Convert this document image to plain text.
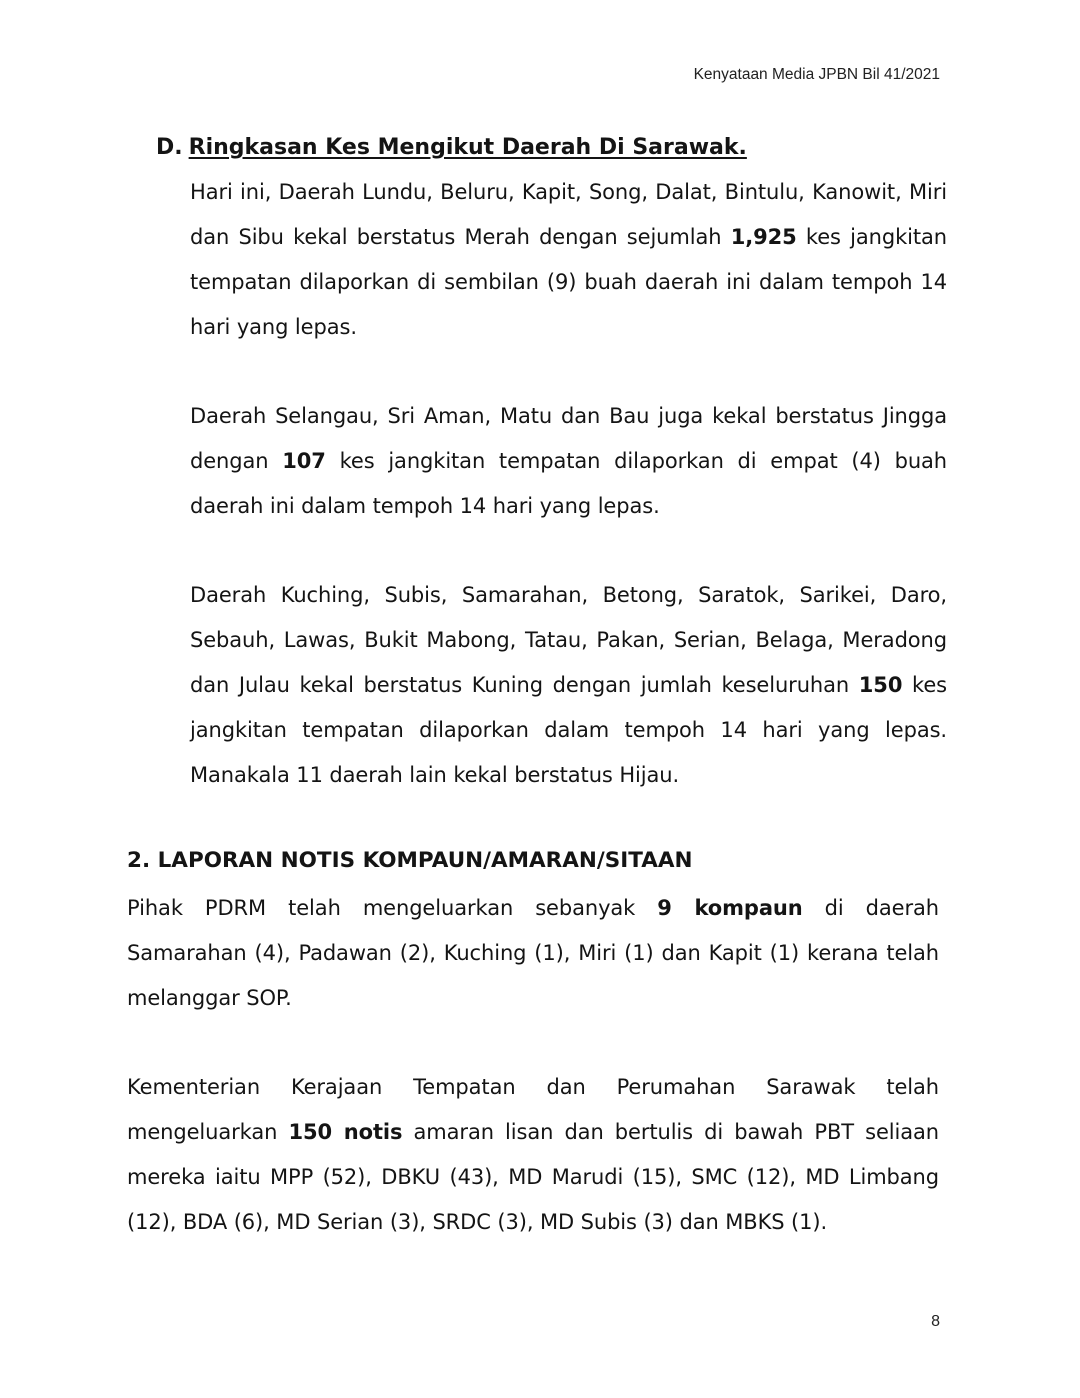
Kenyataan Media JPBN Bil 41/2021
D. Ringkasan Kes Mengikut Daerah Di Sarawak.

Hari ini, Daerah Lundu, Beluru, Kapit, Song, Dalat, Bintulu, Kanowit, Miri dan Sibu kekal berstatus Merah dengan sejumlah 1,925 kes jangkitan tempatan dilaporkan di sembilan (9) buah daerah ini dalam tempoh 14 hari yang lepas.

Daerah Selangau, Sri Aman, Matu dan Bau juga kekal berstatus Jingga dengan 107 kes jangkitan tempatan dilaporkan di empat (4) buah daerah ini dalam tempoh 14 hari yang lepas.

Daerah Kuching, Subis, Samarahan, Betong, Saratok, Sarikei, Daro, Sebauh, Lawas, Bukit Mabong, Tatau, Pakan, Serian, Belaga, Meradong dan Julau kekal berstatus Kuning dengan jumlah keseluruhan 150 kes jangkitan tempatan dilaporkan dalam tempoh 14 hari yang lepas. Manakala 11 daerah lain kekal berstatus Hijau.

2. LAPORAN NOTIS KOMPAUN/AMARAN/SITAAN

Pihak PDRM telah mengeluarkan sebanyak 9 kompaun di daerah Samarahan (4), Padawan (2), Kuching (1), Miri (1) dan Kapit (1) kerana telah melanggar SOP.

Kementerian Kerajaan Tempatan dan Perumahan Sarawak telah mengeluarkan 150 notis amaran lisan dan bertulis di bawah PBT seliaan mereka iaitu MPP (52), DBKU (43), MD Marudi (15), SMC (12), MD Limbang (12), BDA (6), MD Serian (3), SRDC (3), MD Subis (3) dan MBKS (1).

8
